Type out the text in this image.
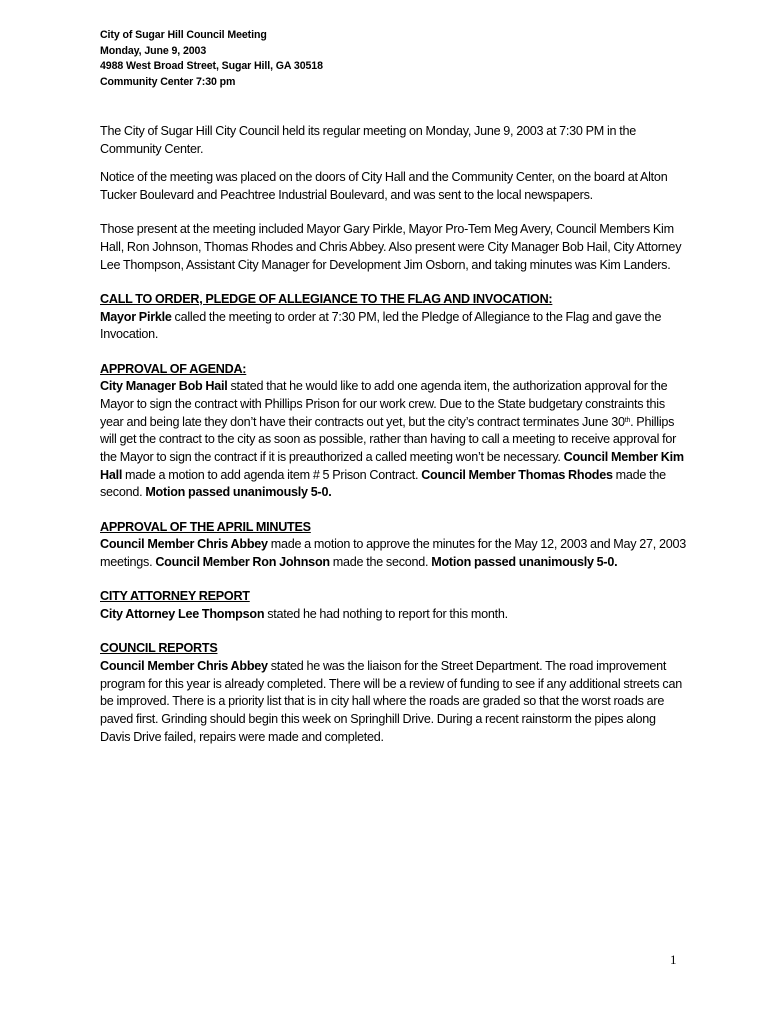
City of Sugar Hill Council Meeting
Monday, June 9, 2003
4988 West Broad Street, Sugar Hill, GA 30518
Community Center 7:30 pm

The City of Sugar Hill City Council held its regular meeting on Monday, June 9, 2003 at 7:30 PM in the Community Center.

Notice of the meeting was placed on the doors of City Hall and the Community Center, on the board at Alton Tucker Boulevard and Peachtree Industrial Boulevard, and was sent to the local newspapers.

Those present at the meeting included Mayor Gary Pirkle, Mayor Pro-Tem Meg Avery, Council Members Kim Hall, Ron Johnson, Thomas Rhodes and Chris Abbey. Also present were City Manager Bob Hail, City Attorney Lee Thompson, Assistant City Manager for Development Jim Osborn, and taking minutes was Kim Landers.

CALL TO ORDER, PLEDGE OF ALLEGIANCE TO THE FLAG AND INVOCATION:
Mayor Pirkle called the meeting to order at 7:30 PM, led the Pledge of Allegiance to the Flag and gave the Invocation.

APPROVAL OF AGENDA:
City Manager Bob Hail stated that he would like to add one agenda item, the authorization approval for the Mayor to sign the contract with Phillips Prison for our work crew. Due to the State budgetary constraints this year and being late they don’t have their contracts out yet, but the city’s contract terminates June 30th. Phillips will get the contract to the city as soon as possible, rather than having to call a meeting to receive approval for the Mayor to sign the contract if it is preauthorized a called meeting won’t be necessary. Council Member Kim Hall made a motion to add agenda item # 5 Prison Contract. Council Member Thomas Rhodes made the second. Motion passed unanimously 5-0.

APPROVAL OF THE APRIL MINUTES
Council Member Chris Abbey made a motion to approve the minutes for the May 12, 2003 and May 27, 2003 meetings. Council Member Ron Johnson made the second. Motion passed unanimously 5-0.

CITY ATTORNEY REPORT
City Attorney Lee Thompson stated he had nothing to report for this month.

COUNCIL REPORTS
Council Member Chris Abbey stated he was the liaison for the Street Department. The road improvement program for this year is already completed. There will be a review of funding to see if any additional streets can be improved. There is a priority list that is in city hall where the roads are graded so that the worst roads are paved first. Grinding should begin this week on Springhill Drive. During a recent rainstorm the pipes along Davis Drive failed, repairs were made and completed.

1
